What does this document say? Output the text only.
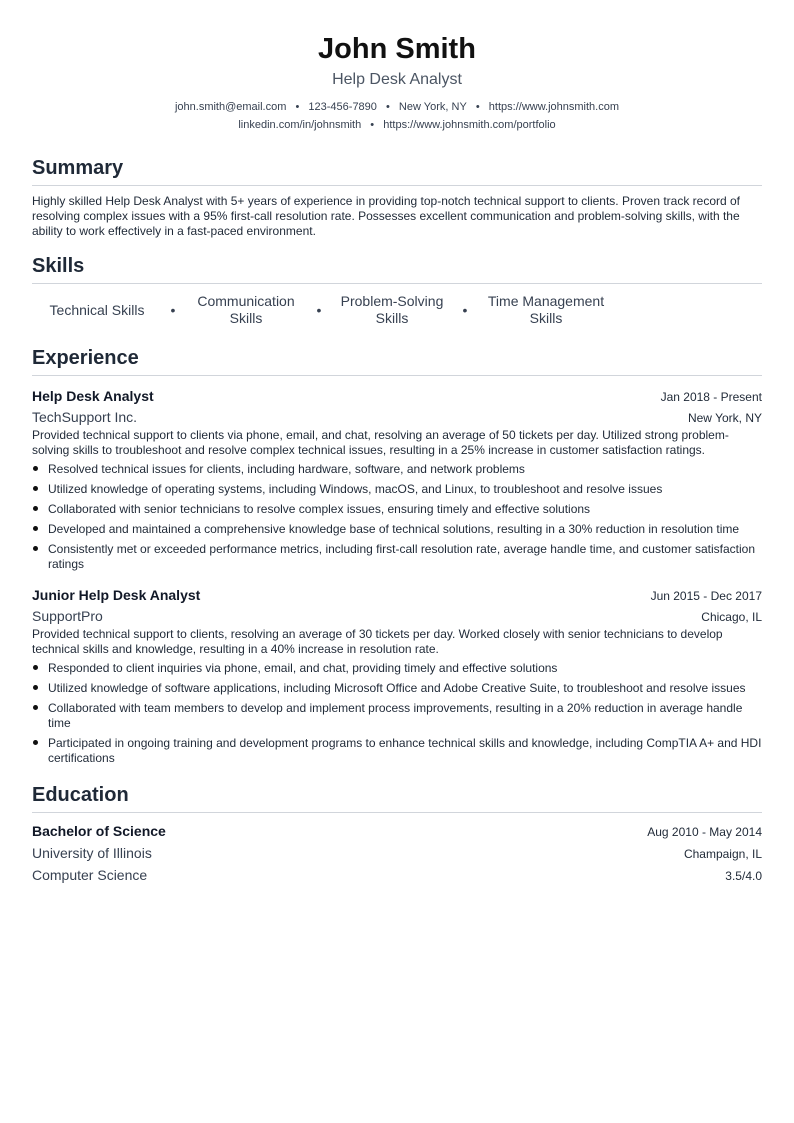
John Smith
Help Desk Analyst
john.smith@email.com • 123-456-7890 • New York, NY • https://www.johnsmith.com
linkedin.com/in/johnsmith • https://www.johnsmith.com/portfolio
Summary

Highly skilled Help Desk Analyst with 5+ years of experience in providing top-notch technical support to clients. Proven track record of resolving complex issues with a 95% first-call resolution rate. Possesses excellent communication and problem-solving skills, with the ability to work effectively in a fast-paced environment.

Skills
Technical Skills	•
Communication Skills	•
Problem-Solving Skills	•
Time Management Skills
Experience
Help Desk Analyst	Jan 2018 - Present
TechSupport Inc.	New York, NY

Provided technical support to clients via phone, email, and chat, resolving an average of 50 tickets per day. Utilized strong problem-solving skills to troubleshoot and resolve complex technical issues, resulting in a 25% increase in customer satisfaction ratings.

Resolved technical issues for clients, including hardware, software, and network problems
Utilized knowledge of operating systems, including Windows, macOS, and Linux, to troubleshoot and resolve issues
Collaborated with senior technicians to resolve complex issues, ensuring timely and effective solutions
Developed and maintained a comprehensive knowledge base of technical solutions, resulting in a 30% reduction in resolution time
Consistently met or exceeded performance metrics, including first-call resolution rate, average handle time, and customer satisfaction ratings
Junior Help Desk Analyst	Jun 2015 - Dec 2017
SupportPro	Chicago, IL

Provided technical support to clients, resolving an average of 30 tickets per day. Worked closely with senior technicians to develop technical skills and knowledge, resulting in a 40% increase in resolution rate.

Responded to client inquiries via phone, email, and chat, providing timely and effective solutions
Utilized knowledge of software applications, including Microsoft Office and Adobe Creative Suite, to troubleshoot and resolve issues
Collaborated with team members to develop and implement process improvements, resulting in a 20% reduction in average handle time
Participated in ongoing training and development programs to enhance technical skills and knowledge, including CompTIA A+ and HDI certifications
Education
Bachelor of Science	Aug 2010 - May 2014
University of Illinois	Champaign, IL
Computer Science	3.5/4.0
